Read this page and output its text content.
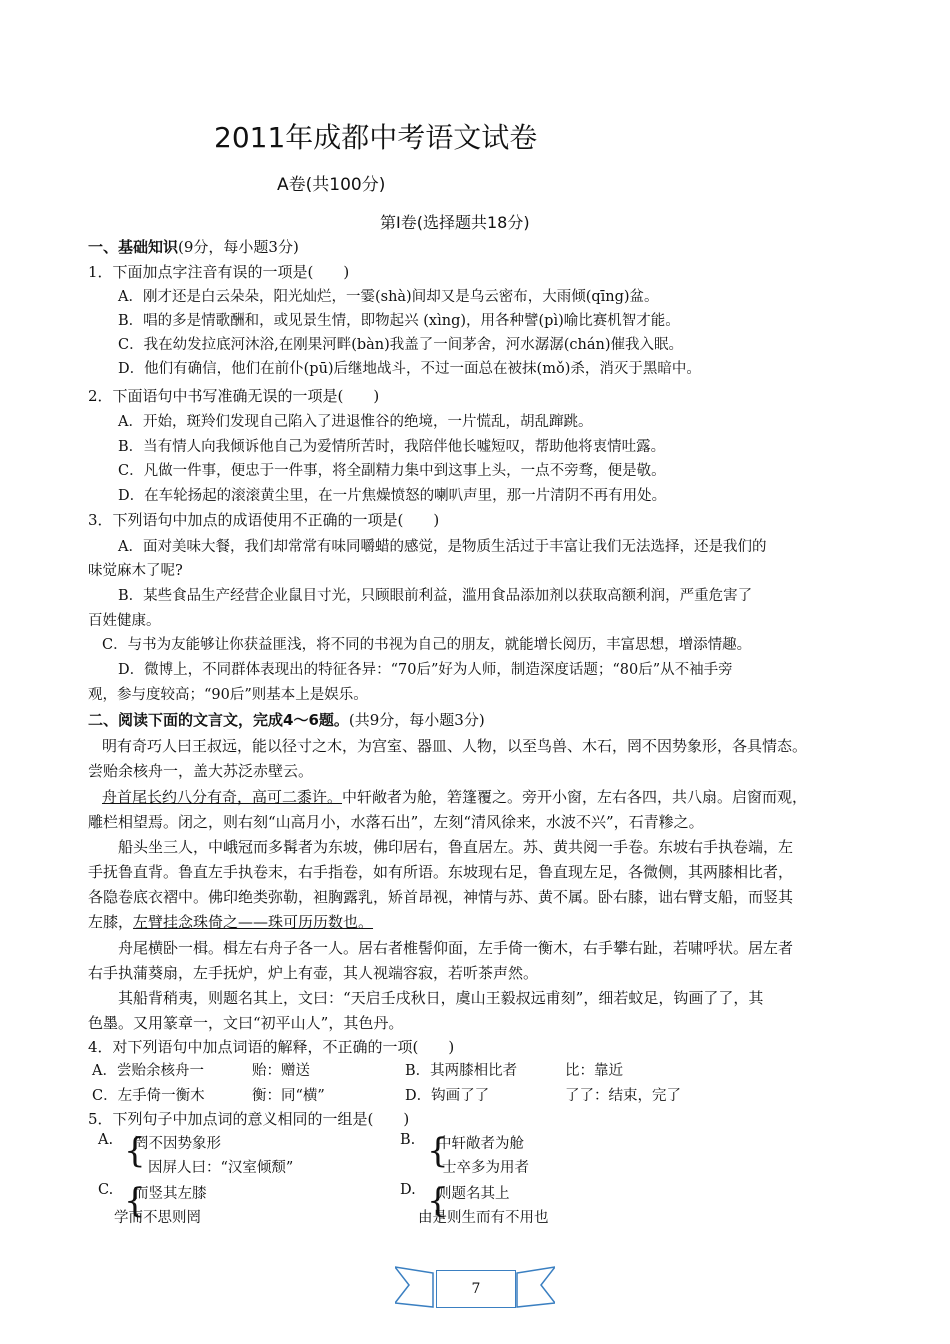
2011年成都中考语文试卷
A卷(共100分)
第Ⅰ卷(选择题共18分)
一、基础知识(9分，每小题3分)
1．下面加点字注音有误的一项是(　　)
A．刚才还是白云朵朵，阳光灿烂，一霎(shà)间却又是乌云密布，大雨倾(qīng)盆。
B．唱的多是情歌酬和，或见景生情，即物起兴 (xìng)，用各种譬(pì)喻比赛机智才能。
C．我在幼发拉底河沐浴,在刚果河畔(bàn)我盖了一间茅舍，河水潺潺(chán)催我入眠。
D．他们有确信，他们在前仆(pū)后继地战斗，不过一面总在被抹(mǒ)杀，消灭于黑暗中。
2．下面语句中书写准确无误的一项是(　　)
A．开始，斑羚们发现自己陷入了进退惟谷的绝境，一片慌乱，胡乱蹿跳。
B．当有情人向我倾诉他自己为爱情所苦时，我陪伴他长嘘短叹，帮助他将衷情吐露。
C．凡做一件事，便忠于一件事，将全副精力集中到这事上头，一点不旁骛，便是敬。
D．在车轮扬起的滚滚黄尘里，在一片焦燥愤怒的喇叭声里，那一片清阴不再有用处。
3．下列语句中加点的成语使用不正确的一项是(　　)
A．面对美味大餐，我们却常常有味同嚼蜡的感觉，是物质生活过于丰富让我们无法选择，还是我们的
味觉麻木了呢?
B．某些食品生产经营企业鼠目寸光，只顾眼前利益，滥用食品添加剂以获取高额利润，严重危害了
百姓健康。
C．与书为友能够让你获益匪浅，将不同的书视为自己的朋友，就能增长阅历，丰富思想，增添情趣。
D．微博上，不同群体表现出的特征各异：“70后”好为人师，制造深度话题；“80后”从不袖手旁
观，参与度较高；“90后”则基本上是娱乐。
二、阅读下面的文言文，完成4～6题。(共9分，每小题3分)
明有奇巧人曰王叔远，能以径寸之木，为宫室、器皿、人物，以至鸟兽、木石，罔不因势象形，各具情态。
尝贻余核舟一，盖大苏泛赤壁云。
舟首尾长约八分有奇，高可二黍许。中轩敞者为舱，箬篷覆之。旁开小窗，左右各四，共八扇。启窗而观，
雕栏相望焉。闭之，则右刻“山高月小，水落石出”，左刻“清风徐来，水波不兴”，石青糁之。
船头坐三人，中峨冠而多髯者为东坡，佛印居右，鲁直居左。苏、黄共阅一手卷。东坡右手执卷端，左
手抚鲁直背。鲁直左手执卷末，右手指卷，如有所语。东坡现右足，鲁直现左足，各微侧，其两膝相比者，
各隐卷底衣褶中。佛印绝类弥勒，袒胸露乳，矫首昂视，神情与苏、黄不属。卧右膝，诎右臂支船，而竖其
左膝，左臂挂念珠倚之——珠可历历数也。
舟尾横卧一楫。楫左右舟子各一人。居右者椎髻仰面，左手倚一衡木，右手攀右趾，若啸呼状。居左者
右手执蒲葵扇，左手抚炉，炉上有壶，其人视端容寂，若听茶声然。
其船背稍夷，则题名其上，文曰：“天启壬戌秋日，虞山王毅叔远甫刻”，细若蚊足，钩画了了，其
色墨。又用篆章一，文曰“初平山人”，其色丹。
4．对下列语句中加点词语的解释，不正确的一项(　　)
A．尝贻余核舟一	贻：赠送	B．其两膝相比者	比：靠近
C．左手倚一衡木	衡：同“横”	D．钩画了了	了了：结束，完了
5．下列句子中加点词的意义相同的一组是(　　)
A. {
罔不因势象形
因屏人曰：“汉室倾颓”
B. {
中轩敞者为舱
士卒多为用者
C. {
而竖其左膝
学而不思则罔
D. {
则题名其上
由是则生而有不用也
7
